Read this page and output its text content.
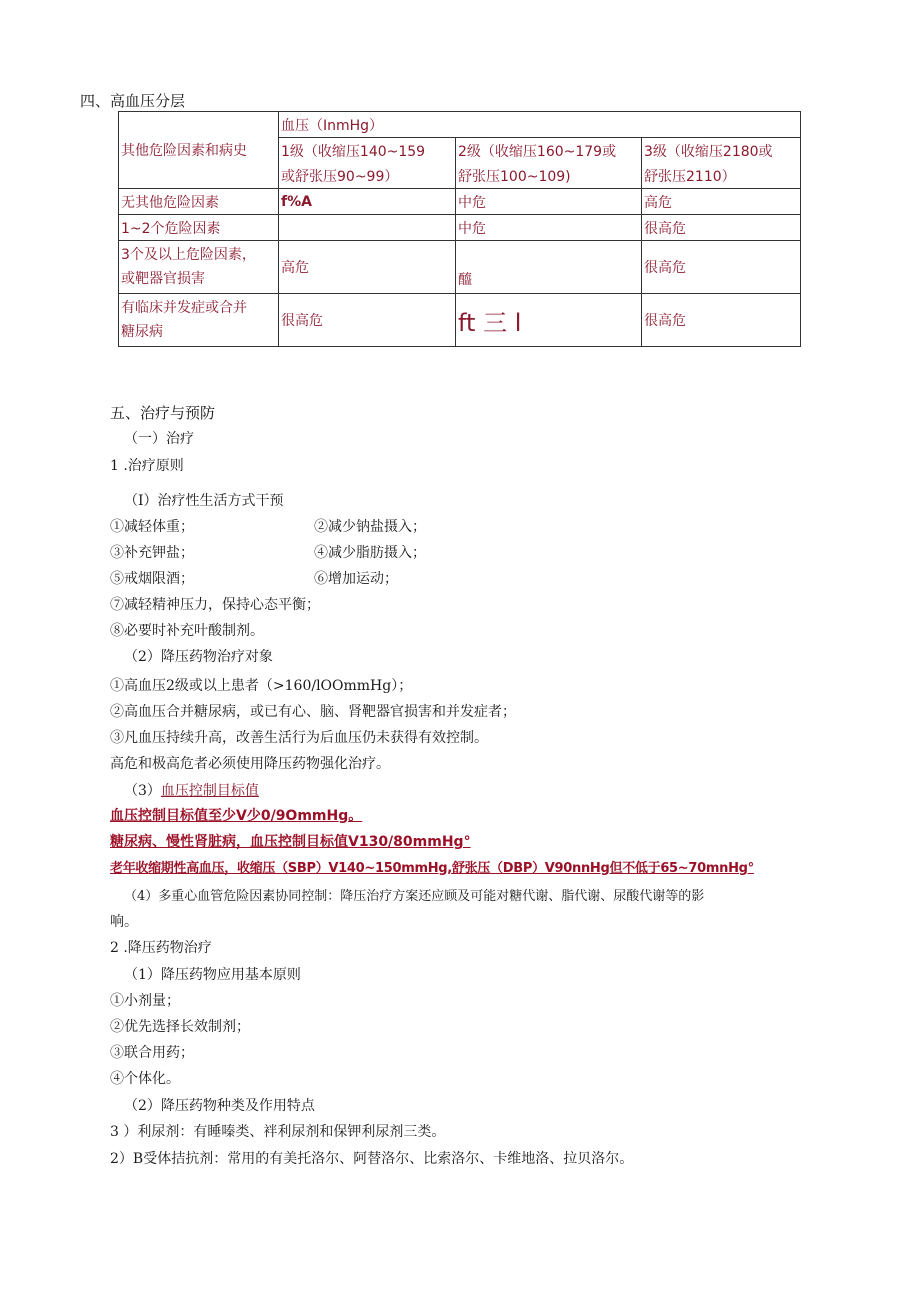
四、高血压分层
其他危险因素和病史	血压（InmHg）		
	1级（收缩压140~159	2级（收缩压160~179或	3级（收缩压2180或
	或舒张压90~99）	舒张压100~109)	舒张压2110）
无其他危险因素	f%A	中危	高危
1~2个危险因素		中危	很高危

3个及以上危险因素，
或靶器官损害	高危	醯	很高危

有临床并发症或合并
糖尿病	很高危	ft 三 l	很高危
五、治疗与预防
（一）治疗
1 .治疗原则
（I）治疗性生活方式干预
①减轻体重；	②减少钠盐摄入；
③补充钾盐；	④减少脂肪摄入；
⑤戒烟限酒；	⑥增加运动；
⑦减轻精神压力，保持心态平衡；
⑧必要时补充叶酸制剂。
（2）降压药物治疗对象
①高血压2级或以上患者（>160∕lOOmmHg）；
②高血压合并糖尿病，或已有心、脑、肾靶器官损害和并发症者；
③凡血压持续升高，改善生活行为后血压仍未获得有效控制。
高危和极高危者必须使用降压药物强化治疗。
（3）血压控制目标值
血压控制目标值至少V少0/9OmmHg。
糖尿病、慢性肾脏病，血压控制目标值V130/80mmHg°
老年收缩期性高血压，收缩压（SBP）V140~150mmHg,舒张压（DBP）V90nnHg但不低于65~70mnHg°
（4）多重心血管危险因素协同控制：降压治疗方案还应顾及可能对糖代谢、脂代谢、尿酸代谢等的影
响。
2 .降压药物治疗
（1）降压药物应用基本原则
①小剂量；
②优先选择长效制剂；
③联合用药；
④个体化。
（2）降压药物种类及作用特点
3 ）利尿剂：有睡嗪类、袢利尿剂和保钾利尿剂三类。
2）B受体拮抗剂：常用的有美托洛尔、阿替洛尔、比索洛尔、卡维地洛、拉贝洛尔。
